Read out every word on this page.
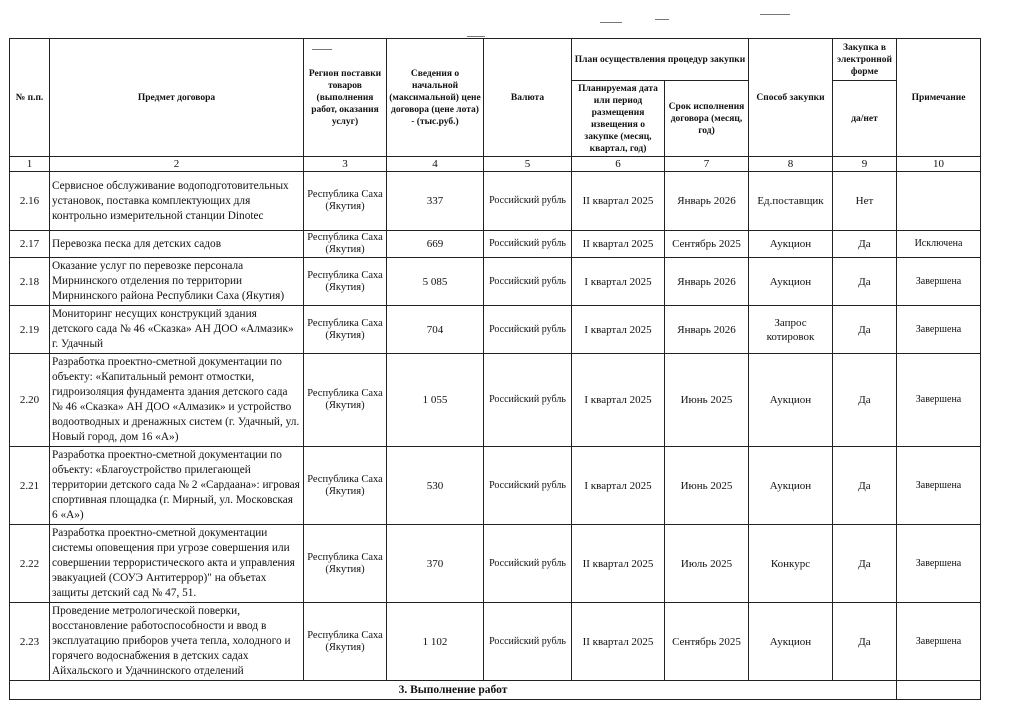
№ п.п.	Предмет договора	Регион поставки товаров (выполнения работ, оказания услуг)	Сведения о начальной (максимальной) цене договора (цене лота) - (тыс.руб.)	Валюта	План осуществления процедур закупки		Способ закупки	Закупка в электронной форме	Примечание
					Планируемая дата или период размещения извещения о закупке (месяц, квартал, год)	Срок исполнения договора (месяц, год)		да/нет	
1	2	3	4	5	6	7	8	9	10
2.16	Сервисное обслуживание водоподготовительных установок, поставка комплектующих для контрольно измерительной станции Dinotec	Республика Саха (Якутия)	337	Российский рубль	II квартал 2025	Январь 2026	Ед.поставщик	Нет	
2.17	Перевозка песка для детских садов	Республика Саха (Якутия)	669	Российский рубль	II квартал 2025	Сентябрь 2025	Аукцион	Да	Исключена
2.18	Оказание услуг по перевозке персонала Мирнинского отделения по территории Мирнинского района Республики Саха (Якутия)	Республика Саха (Якутия)	5 085	Российский рубль	I квартал 2025	Январь 2026	Аукцион	Да	Завершена
2.19	Мониторинг несущих конструкций здания детского сада № 46 «Сказка» АН ДОО «Алмазик» г. Удачный	Республика Саха (Якутия)	704	Российский рубль	I квартал 2025	Январь 2026	Запрос котировок	Да	Завершена
2.20	Разработка проектно-сметной документации по объекту: «Капитальный ремонт отмостки, гидроизоляция фундамента здания детского сада № 46 «Сказка» АН ДОО «Алмазик» и устройство водоотводных и дренажных систем (г. Удачный, ул. Новый город, дом 16 «А»)	Республика Саха (Якутия)	1 055	Российский рубль	I квартал 2025	Июнь 2025	Аукцион	Да	Завершена
2.21	Разработка проектно-сметной документации по объекту: «Благоустройство прилегающей территории детского сада № 2 «Сардаана»: игровая спортивная площадка (г. Мирный, ул. Московская 6 «А»)	Республика Саха (Якутия)	530	Российский рубль	I квартал 2025	Июнь 2025	Аукцион	Да	Завершена
2.22	Разработка проектно-сметной документации системы оповещения при угрозе совершения или совершении террористического акта и управления эвакуацией (СОУЭ Антитеррор)" на объетах защиты детский сад № 47, 51.	Республика Саха (Якутия)	370	Российский рубль	II квартал 2025	Июль 2025	Конкурс	Да	Завершена
2.23	Проведение метрологической поверки, восстановление работоспособности и ввод в эксплуатацию приборов учета тепла, холодного и горячего водоснабжения в детских садах Айхальского и Удачнинского отделений	Республика Саха (Якутия)	1 102	Российский рубль	II квартал 2025	Сентябрь 2025	Аукцион	Да	Завершена
3. Выполнение работ									
